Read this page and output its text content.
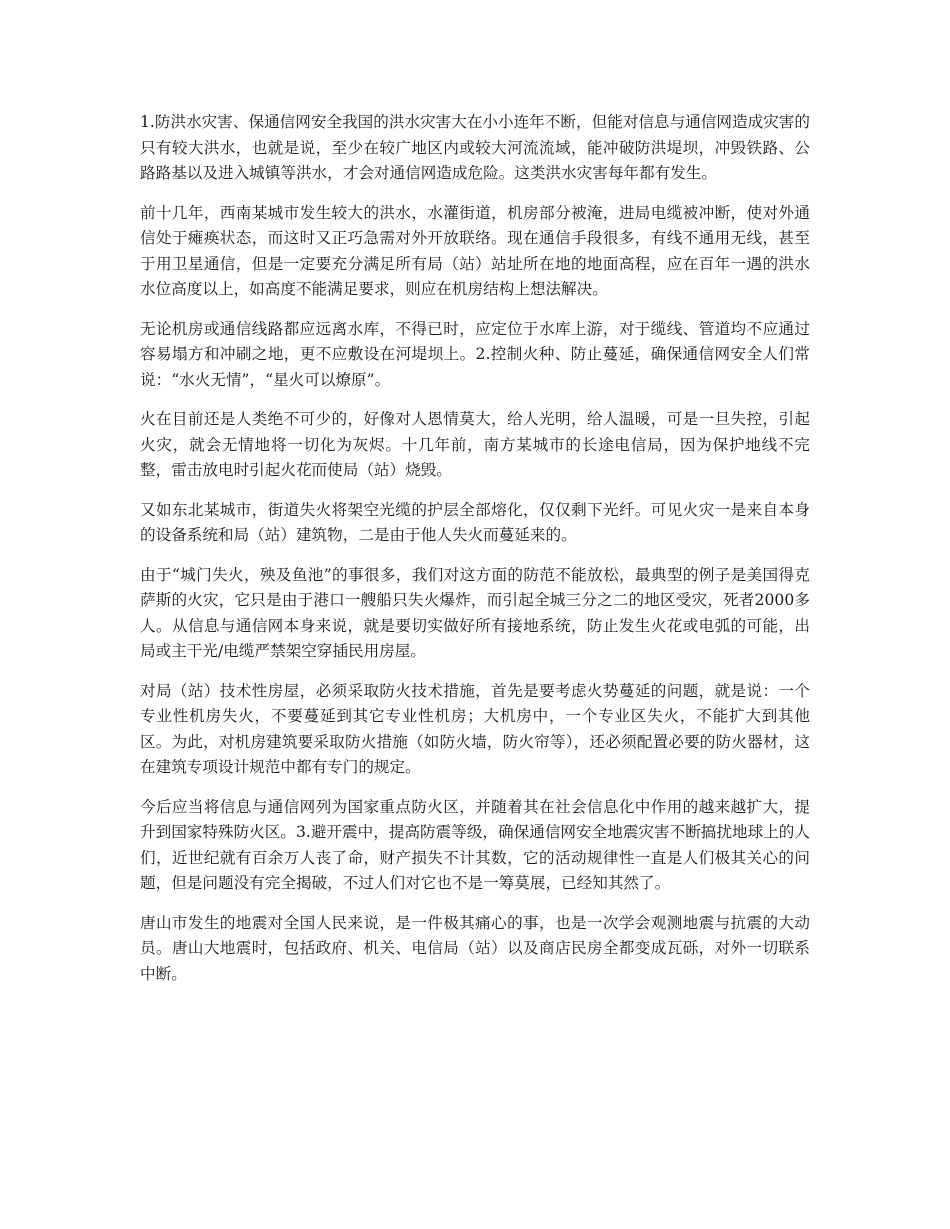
1.防洪水灾害、保通信网安全我国的洪水灾害大在小小连年不断，但能对信息与通信网造成灾害的只有较大洪水，也就是说，至少在较广地区内或较大河流流域，能冲破防洪堤坝，冲毁铁路、公路路基以及进入城镇等洪水，才会对通信网造成危险。这类洪水灾害每年都有发生。

前十几年，西南某城市发生较大的洪水，水灌街道，机房部分被淹，进局电缆被冲断，使对外通信处于瘫痪状态，而这时又正巧急需对外开放联络。现在通信手段很多，有线不通用无线，甚至于用卫星通信，但是一定要充分满足所有局（站）站址所在地的地面高程，应在百年一遇的洪水水位高度以上，如高度不能满足要求，则应在机房结构上想法解决。

无论机房或通信线路都应远离水库，不得已时，应定位于水库上游，对于缆线、管道均不应通过容易塌方和冲刷之地，更不应敷设在河堤坝上。2.控制火种、防止蔓延，确保通信网安全人们常说：“水火无情”，“星火可以燎原”。

火在目前还是人类绝不可少的，好像对人恩情莫大，给人光明，给人温暖，可是一旦失控，引起火灾，就会无情地将一切化为灰烬。十几年前，南方某城市的长途电信局，因为保护地线不完整，雷击放电时引起火花而使局（站）烧毁。

又如东北某城市，街道失火将架空光缆的护层全部熔化，仅仅剩下光纤。可见火灾一是来自本身的设备系统和局（站）建筑物，二是由于他人失火而蔓延来的。

由于“城门失火，殃及鱼池”的事很多，我们对这方面的防范不能放松，最典型的例子是美国得克萨斯的火灾，它只是由于港口一艘船只失火爆炸，而引起全城三分之二的地区受灾，死者2000多人。从信息与通信网本身来说，就是要切实做好所有接地系统，防止发生火花或电弧的可能，出局或主干光/电缆严禁架空穿插民用房屋。

对局（站）技术性房屋，必须采取防火技术措施，首先是要考虑火势蔓延的问题，就是说：一个专业性机房失火，不要蔓延到其它专业性机房；大机房中，一个专业区失火，不能扩大到其他区。为此，对机房建筑要采取防火措施（如防火墙，防火帘等），还必须配置必要的防火器材，这在建筑专项设计规范中都有专门的规定。

今后应当将信息与通信网列为国家重点防火区，并随着其在社会信息化中作用的越来越扩大，提升到国家特殊防火区。3.避开震中，提高防震等级，确保通信网安全地震灾害不断搞扰地球上的人们，近世纪就有百余万人丧了命，财产损失不计其数，它的活动规律性一直是人们极其关心的问题，但是问题没有完全揭破，不过人们对它也不是一筹莫展，已经知其然了。

唐山市发生的地震对全国人民来说，是一件极其痛心的事，也是一次学会观测地震与抗震的大动员。唐山大地震时，包括政府、机关、电信局（站）以及商店民房全都变成瓦砾，对外一切联系中断。
